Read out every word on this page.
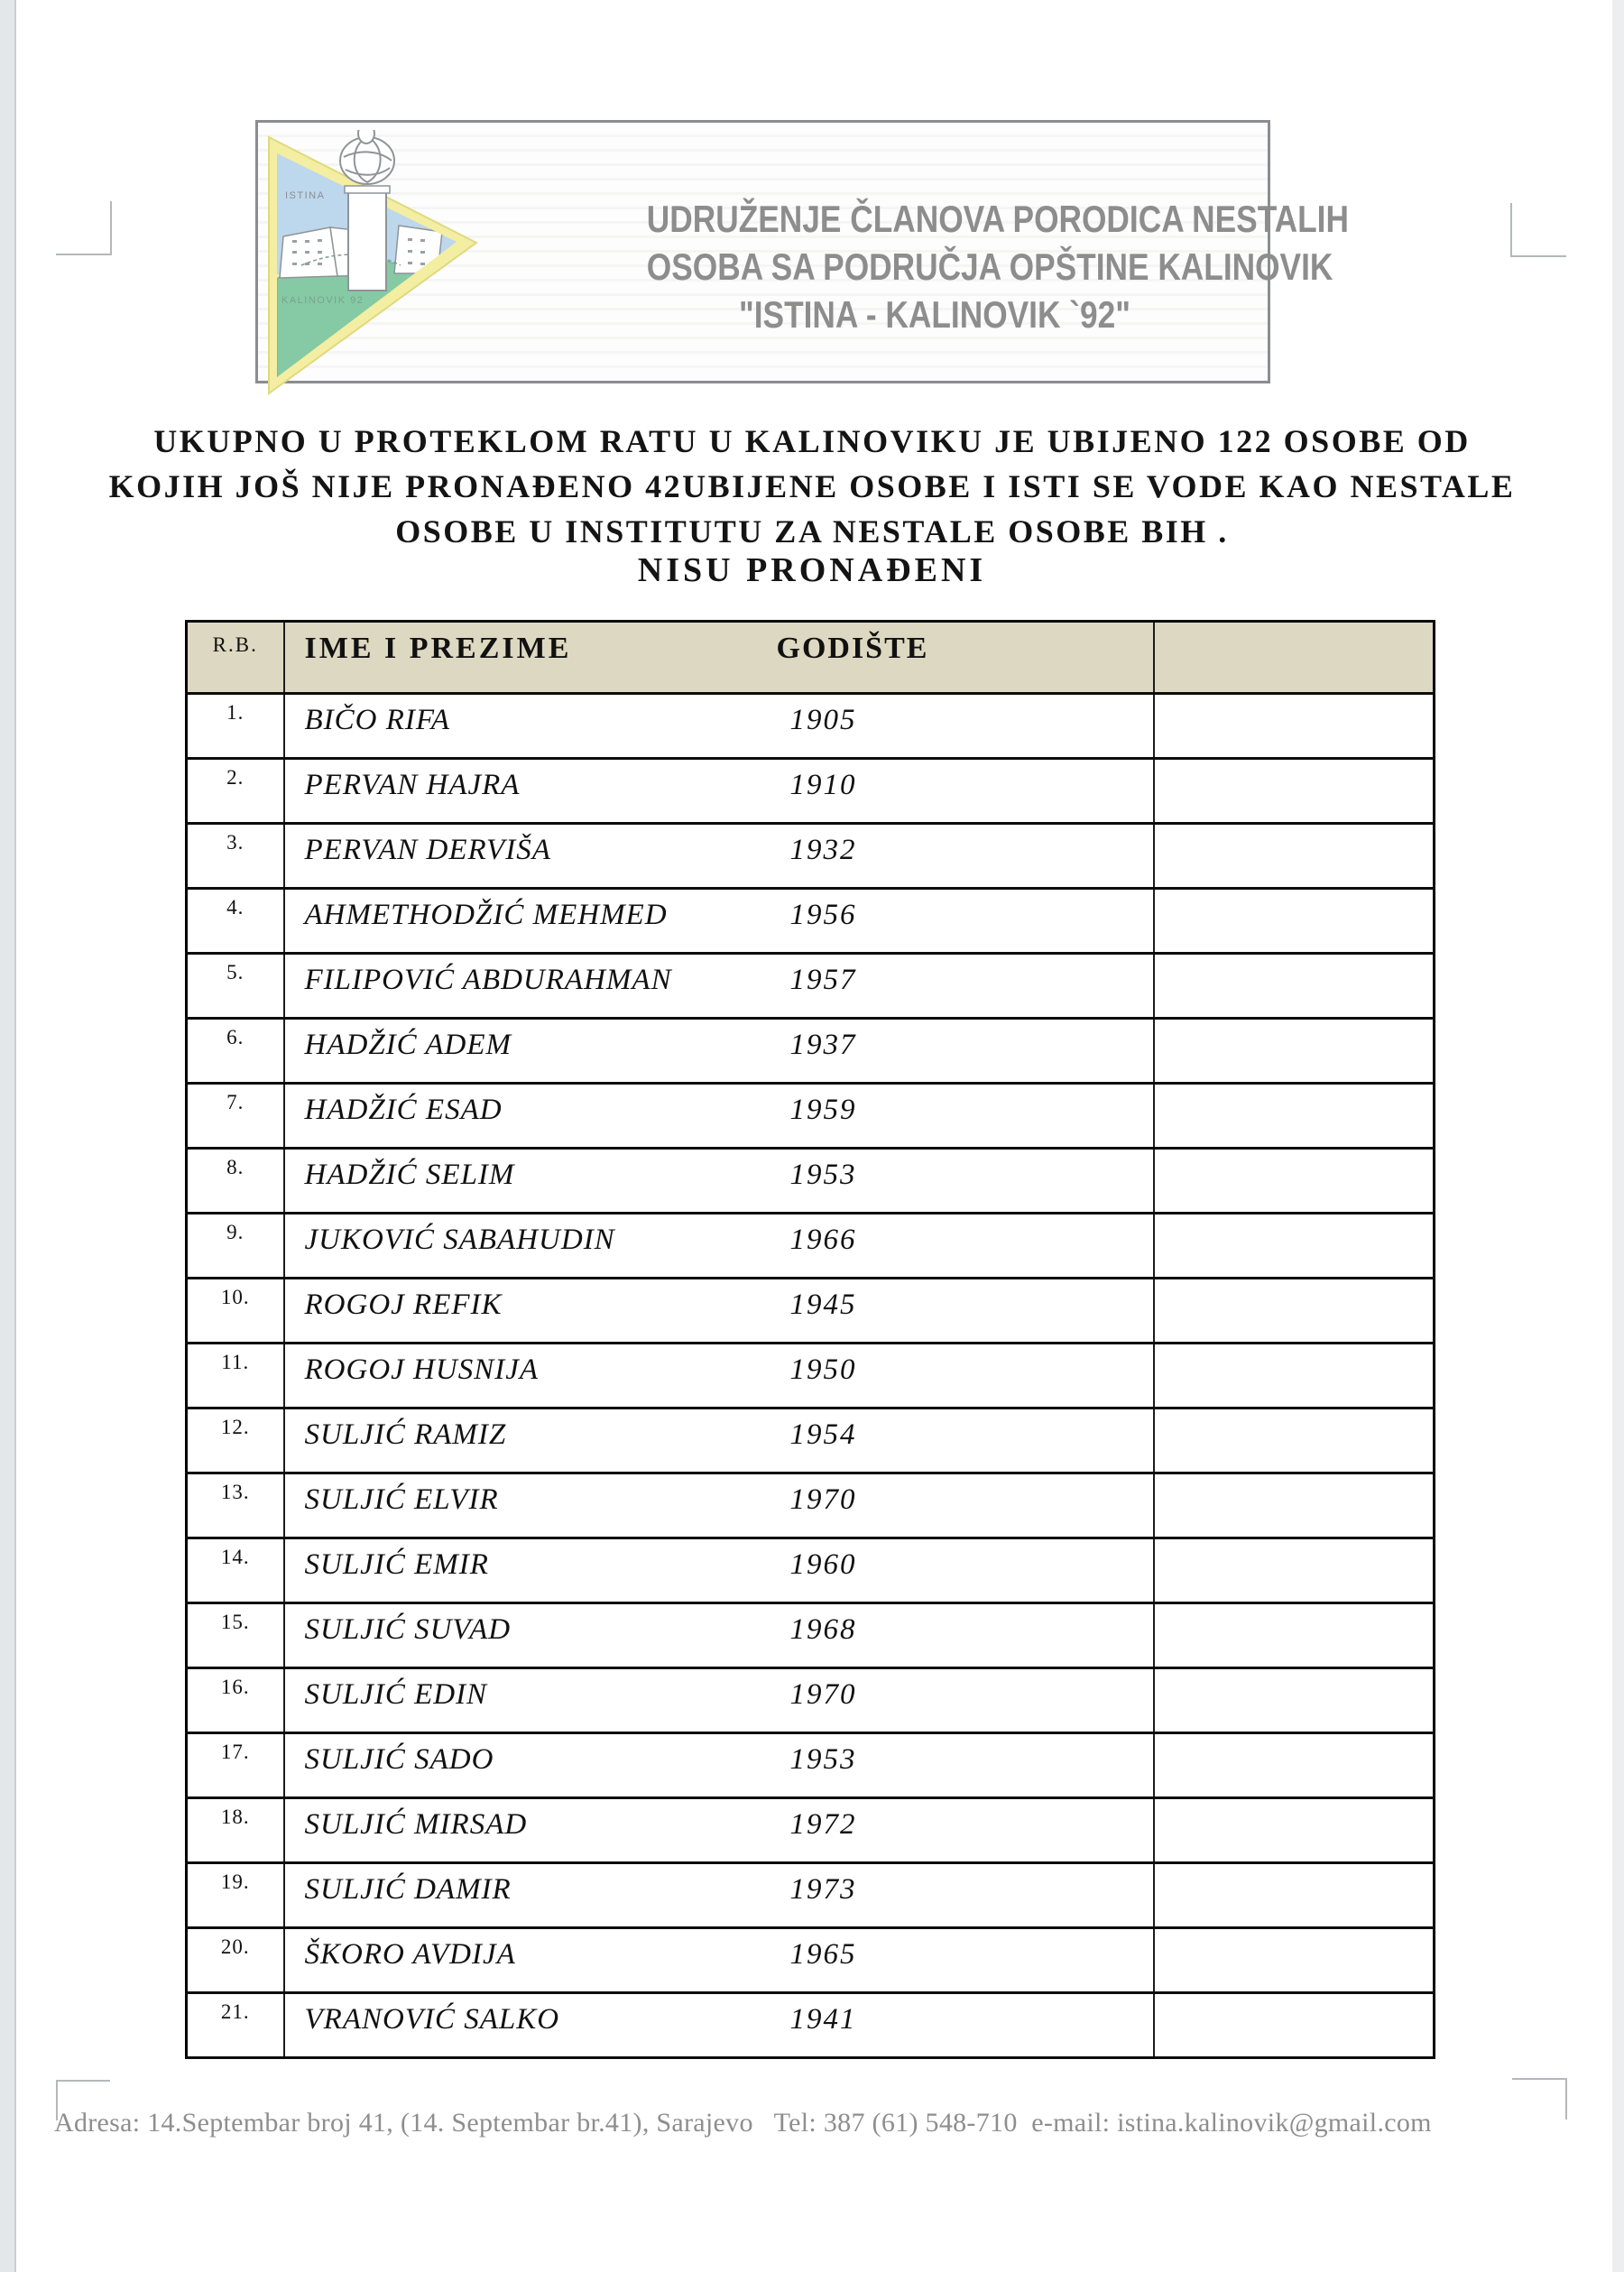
ISTINA
KALINOVIK 92
UDRUŽENJE ČLANOVA PORODICA NESTALIH
OSOBA SA PODRUČJA OPŠTINE KALINOVIK
"ISTINA - KALINOVIK `92"
UKUPNO U PROTEKLOM RATU U KALINOVIKU JE UBIJENO 122 OSOBE OD
KOJIH JOŠ NIJE PRONAĐENO 42UBIJENE OSOBE I ISTI SE VODE KAO NESTALE
OSOBE U INSTITUTU ZA NESTALE OSOBE BIH .
NISU PRONAĐENI
R.B.	IME I PREZIME GODIŠTE	

1.	BIČO RIFA 1905	

2.	PERVAN HAJRA 1910	

3.	PERVAN DERVIŠA 1932	

4.	AHMETHODŽIĆ MEHMED 1956	

5.	FILIPOVIĆ ABDURAHMAN 1957	

6.	HADŽIĆ ADEM 1937	

7.	HADŽIĆ ESAD 1959	

8.	HADŽIĆ SELIM 1953	

9.	JUKOVIĆ SABAHUDIN 1966	

10.	ROGOJ REFIK 1945	

11.	ROGOJ HUSNIJA 1950	

12.	SULJIĆ RAMIZ 1954	

13.	SULJIĆ ELVIR 1970	

14.	SULJIĆ EMIR 1960	

15.	SULJIĆ SUVAD 1968	

16.	SULJIĆ EDIN 1970	

17.	SULJIĆ SADO 1953	

18.	SULJIĆ MIRSAD 1972	

19.	SULJIĆ DAMIR 1973	

20.	ŠKORO AVDIJA 1965	

21.	VRANOVIĆ SALKO 1941	

Adresa: 14.Septembar broj 41, (14. Septembar br.41), Sarajevo   Tel: 387 (61) 548-710  e-mail: istina.kalinovik@gmail.com
